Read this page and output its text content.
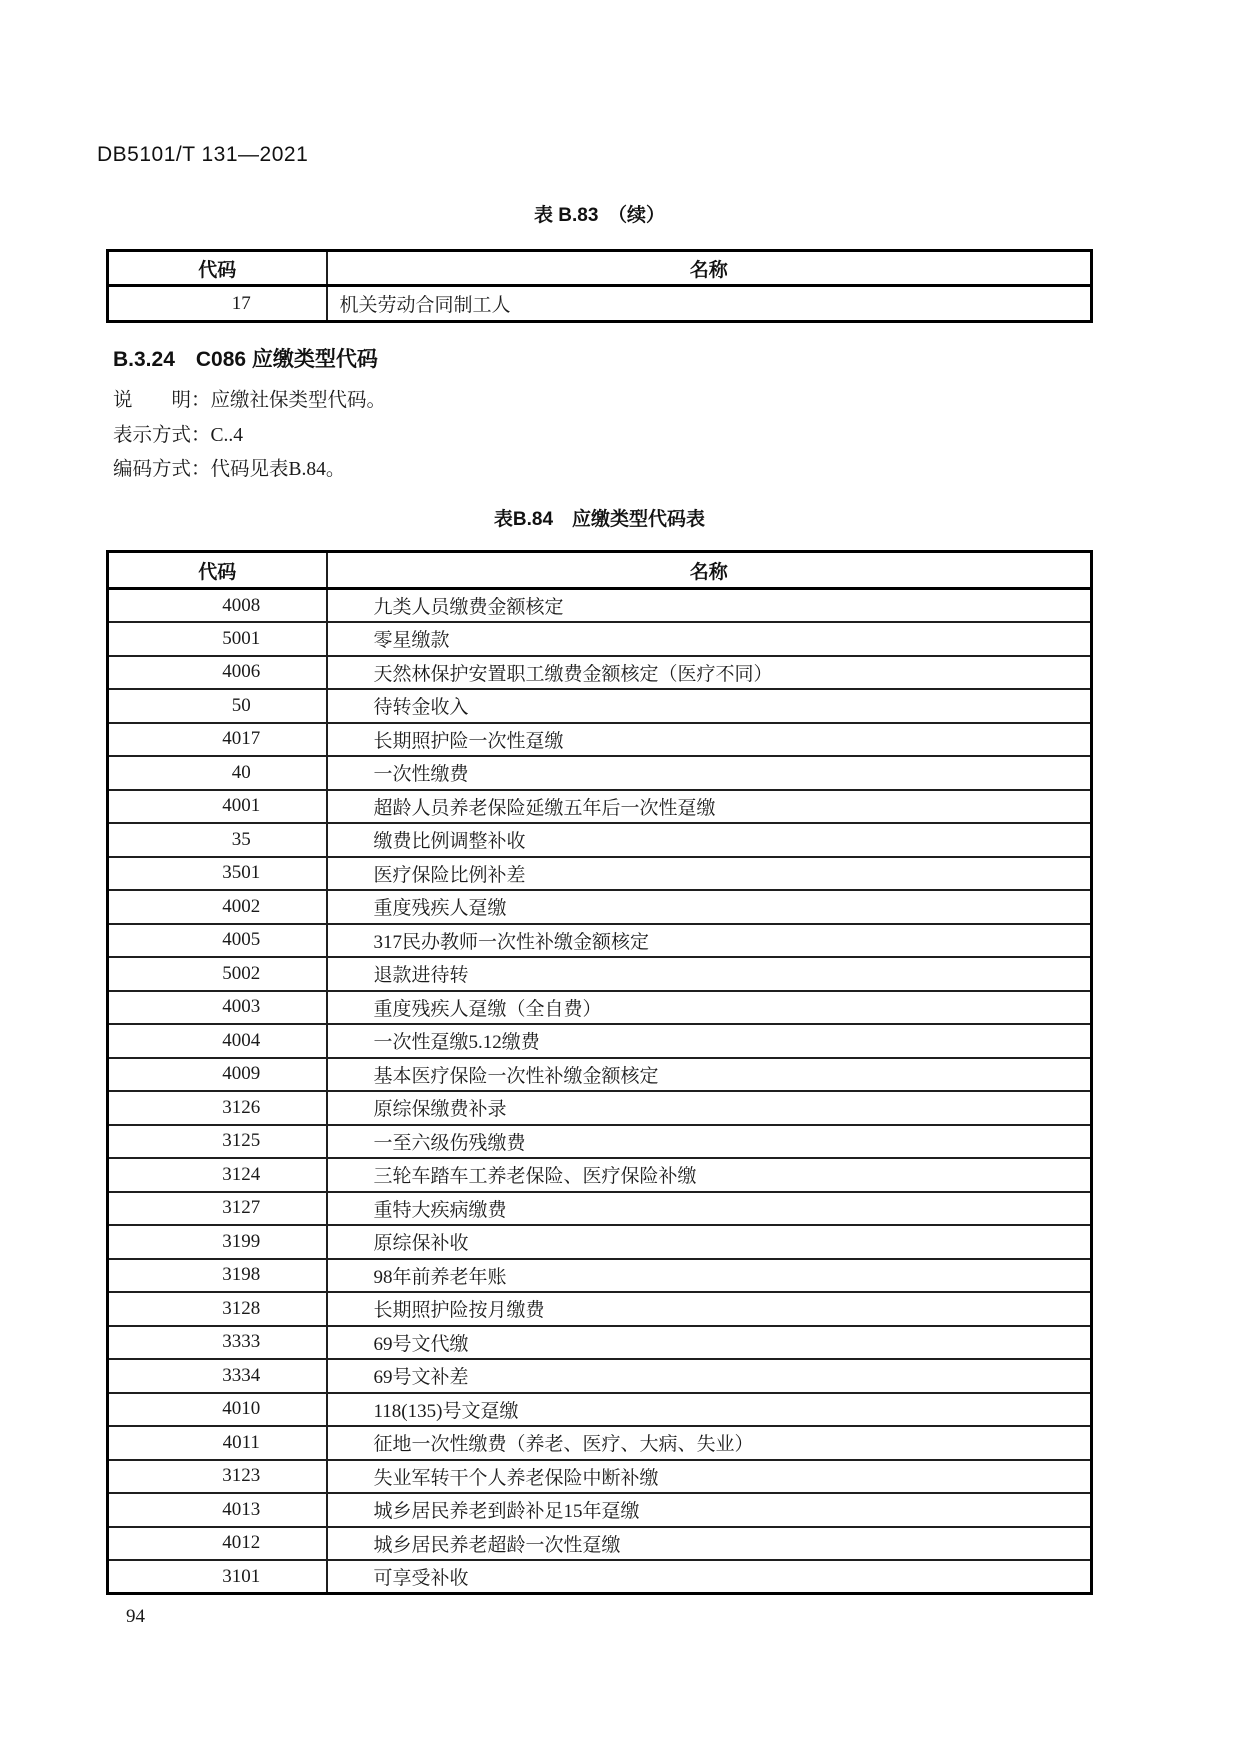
DB5101/T 131—2021
表 B.83　（续）
代码	名称
17	机关劳动合同制工人
B.3.24　C086 应缴类型代码
说　　明：应缴社保类型代码。
表示方式：C..4
编码方式：代码见表B.84。
表B.84　应缴类型代码表
代码	名称
4008	九类人员缴费金额核定
5001	零星缴款
4006	天然林保护安置职工缴费金额核定（医疗不同）
50	待转金收入
4017	长期照护险一次性趸缴
40	一次性缴费
4001	超龄人员养老保险延缴五年后一次性趸缴
35	缴费比例调整补收
3501	医疗保险比例补差
4002	重度残疾人趸缴
4005	317民办教师一次性补缴金额核定
5002	退款进待转
4003	重度残疾人趸缴（全自费）
4004	一次性趸缴5.12缴费
4009	基本医疗保险一次性补缴金额核定
3126	原综保缴费补录
3125	一至六级伤残缴费
3124	三轮车踏车工养老保险、医疗保险补缴
3127	重特大疾病缴费
3199	原综保补收
3198	98年前养老年账
3128	长期照护险按月缴费
3333	69号文代缴
3334	69号文补差
4010	118(135)号文趸缴
4011	征地一次性缴费（养老、医疗、大病、失业）
3123	失业军转干个人养老保险中断补缴
4013	城乡居民养老到龄补足15年趸缴
4012	城乡居民养老超龄一次性趸缴
3101	可享受补收
94
